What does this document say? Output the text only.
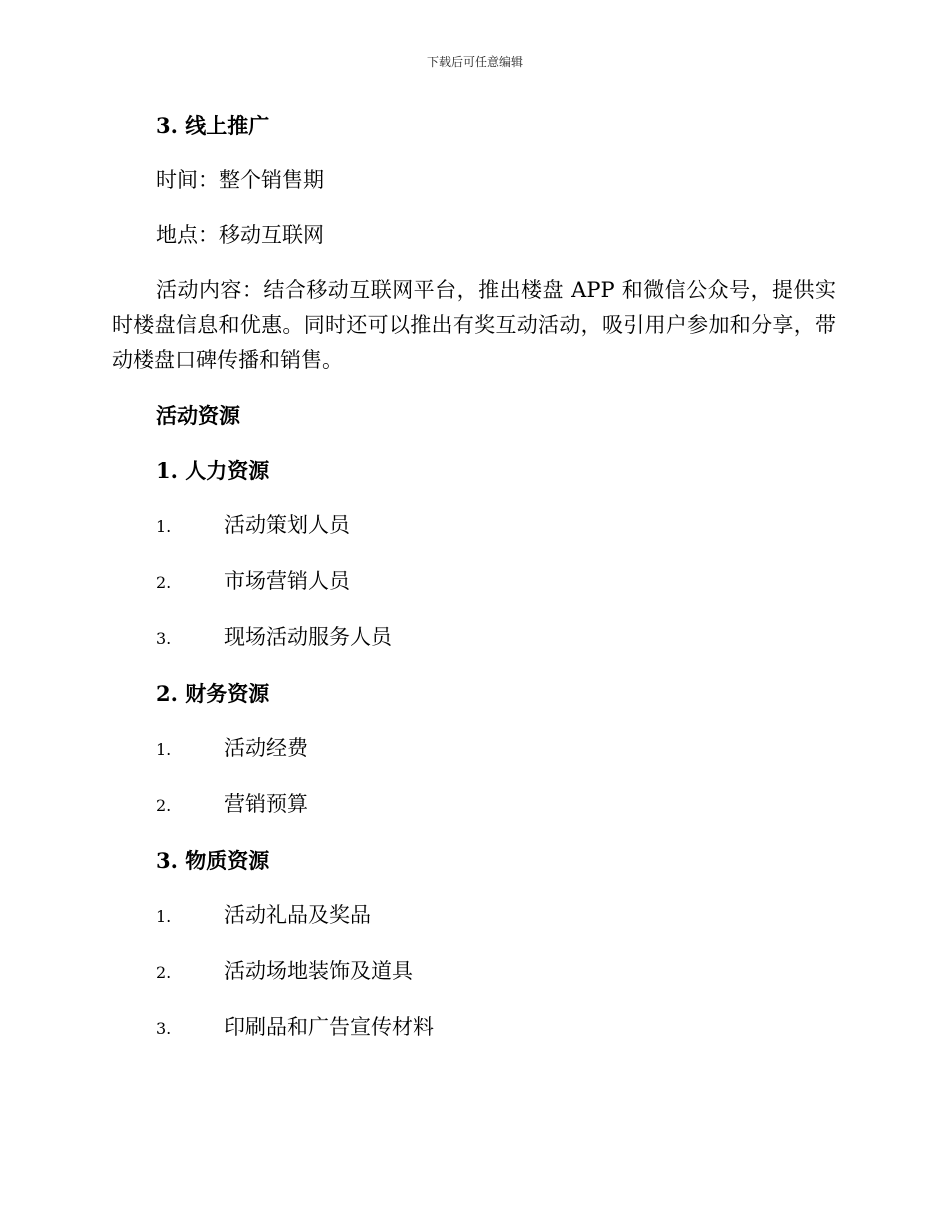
下载后可任意编辑
3. 线上推广
时间：整个销售期
地点：移动互联网
活动内容：结合移动互联网平台，推出楼盘 APP 和微信公众号，提供实时楼盘信息和优惠。同时还可以推出有奖互动活动，吸引用户参加和分享，带动楼盘口碑传播和销售。
活动资源
1. 人力资源
1.	活动策划人员
2.	市场营销人员
3.	现场活动服务人员
2. 财务资源
1.	活动经费
2.	营销预算
3. 物质资源
1.	活动礼品及奖品
2.	活动场地装饰及道具
3.	印刷品和广告宣传材料
